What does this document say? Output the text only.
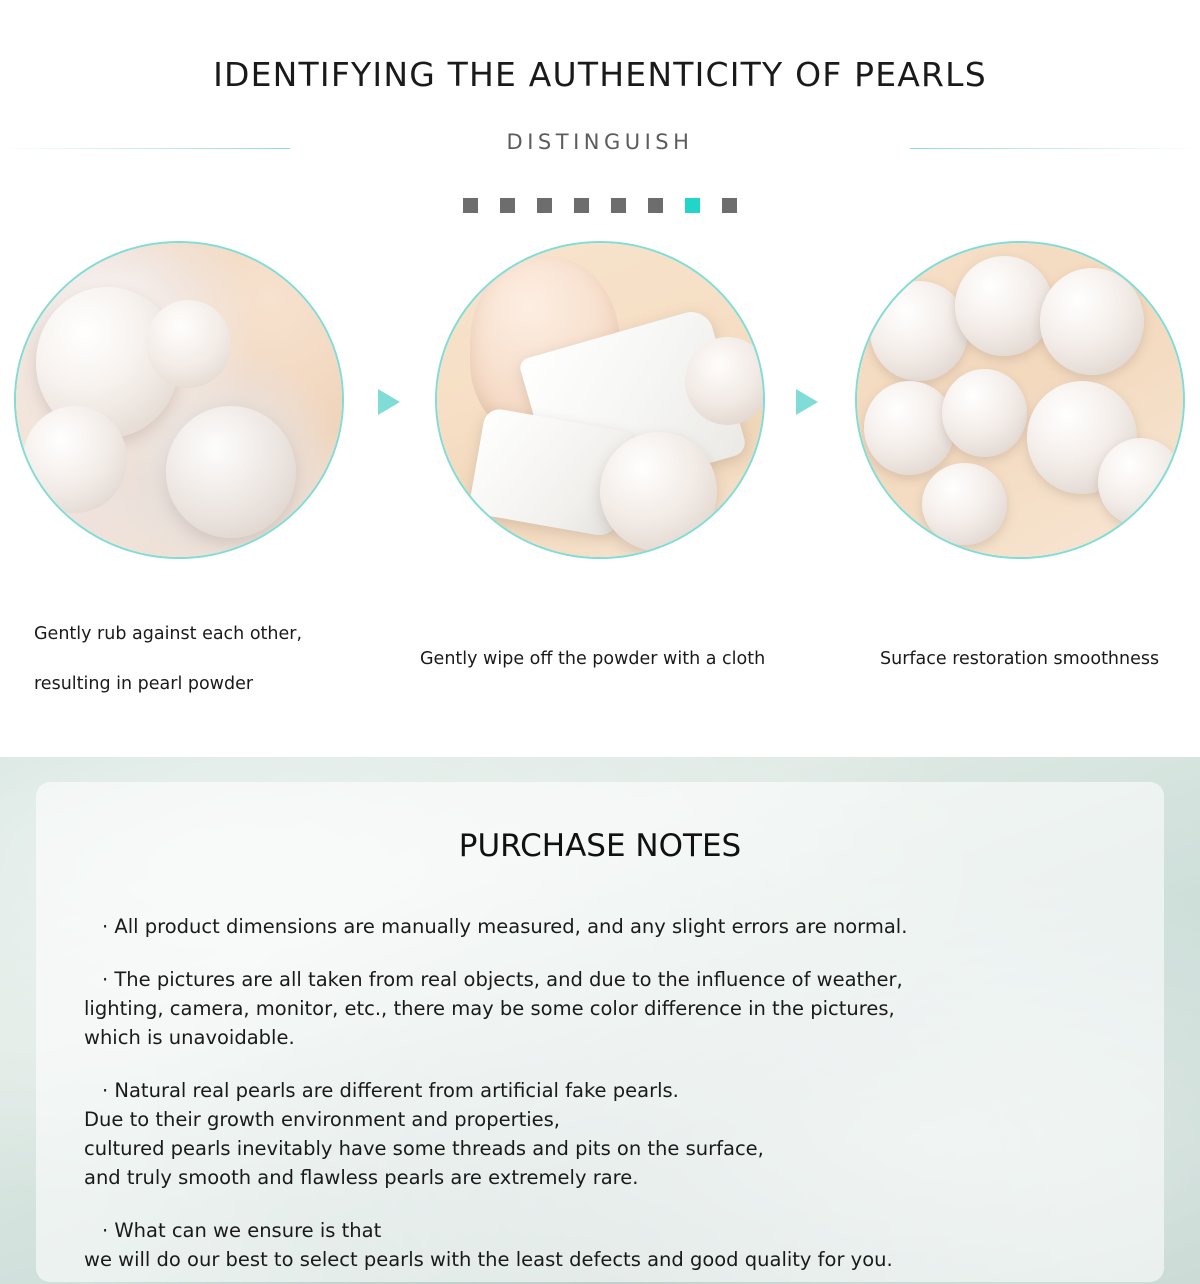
IDENTIFYING THE AUTHENTICITY OF PEARLS
DISTINGUISH
Gently rub against each other,
resulting in pearl powder
Gently wipe off the powder with a cloth	Surface restoration smoothness
PURCHASE NOTES
· All product dimensions are manually measured, and any slight errors are normal.
· The pictures are all taken from real objects, and due to the influence of weather,
lighting, camera, monitor, etc., there may be some color difference in the pictures,
which is unavoidable.
· Natural real pearls are different from artificial fake pearls.
Due to their growth environment and properties,
cultured pearls inevitably have some threads and pits on the surface,
and truly smooth and flawless pearls are extremely rare.
· What can we ensure is that
we will do our best to select pearls with the least defects and good quality for you.
